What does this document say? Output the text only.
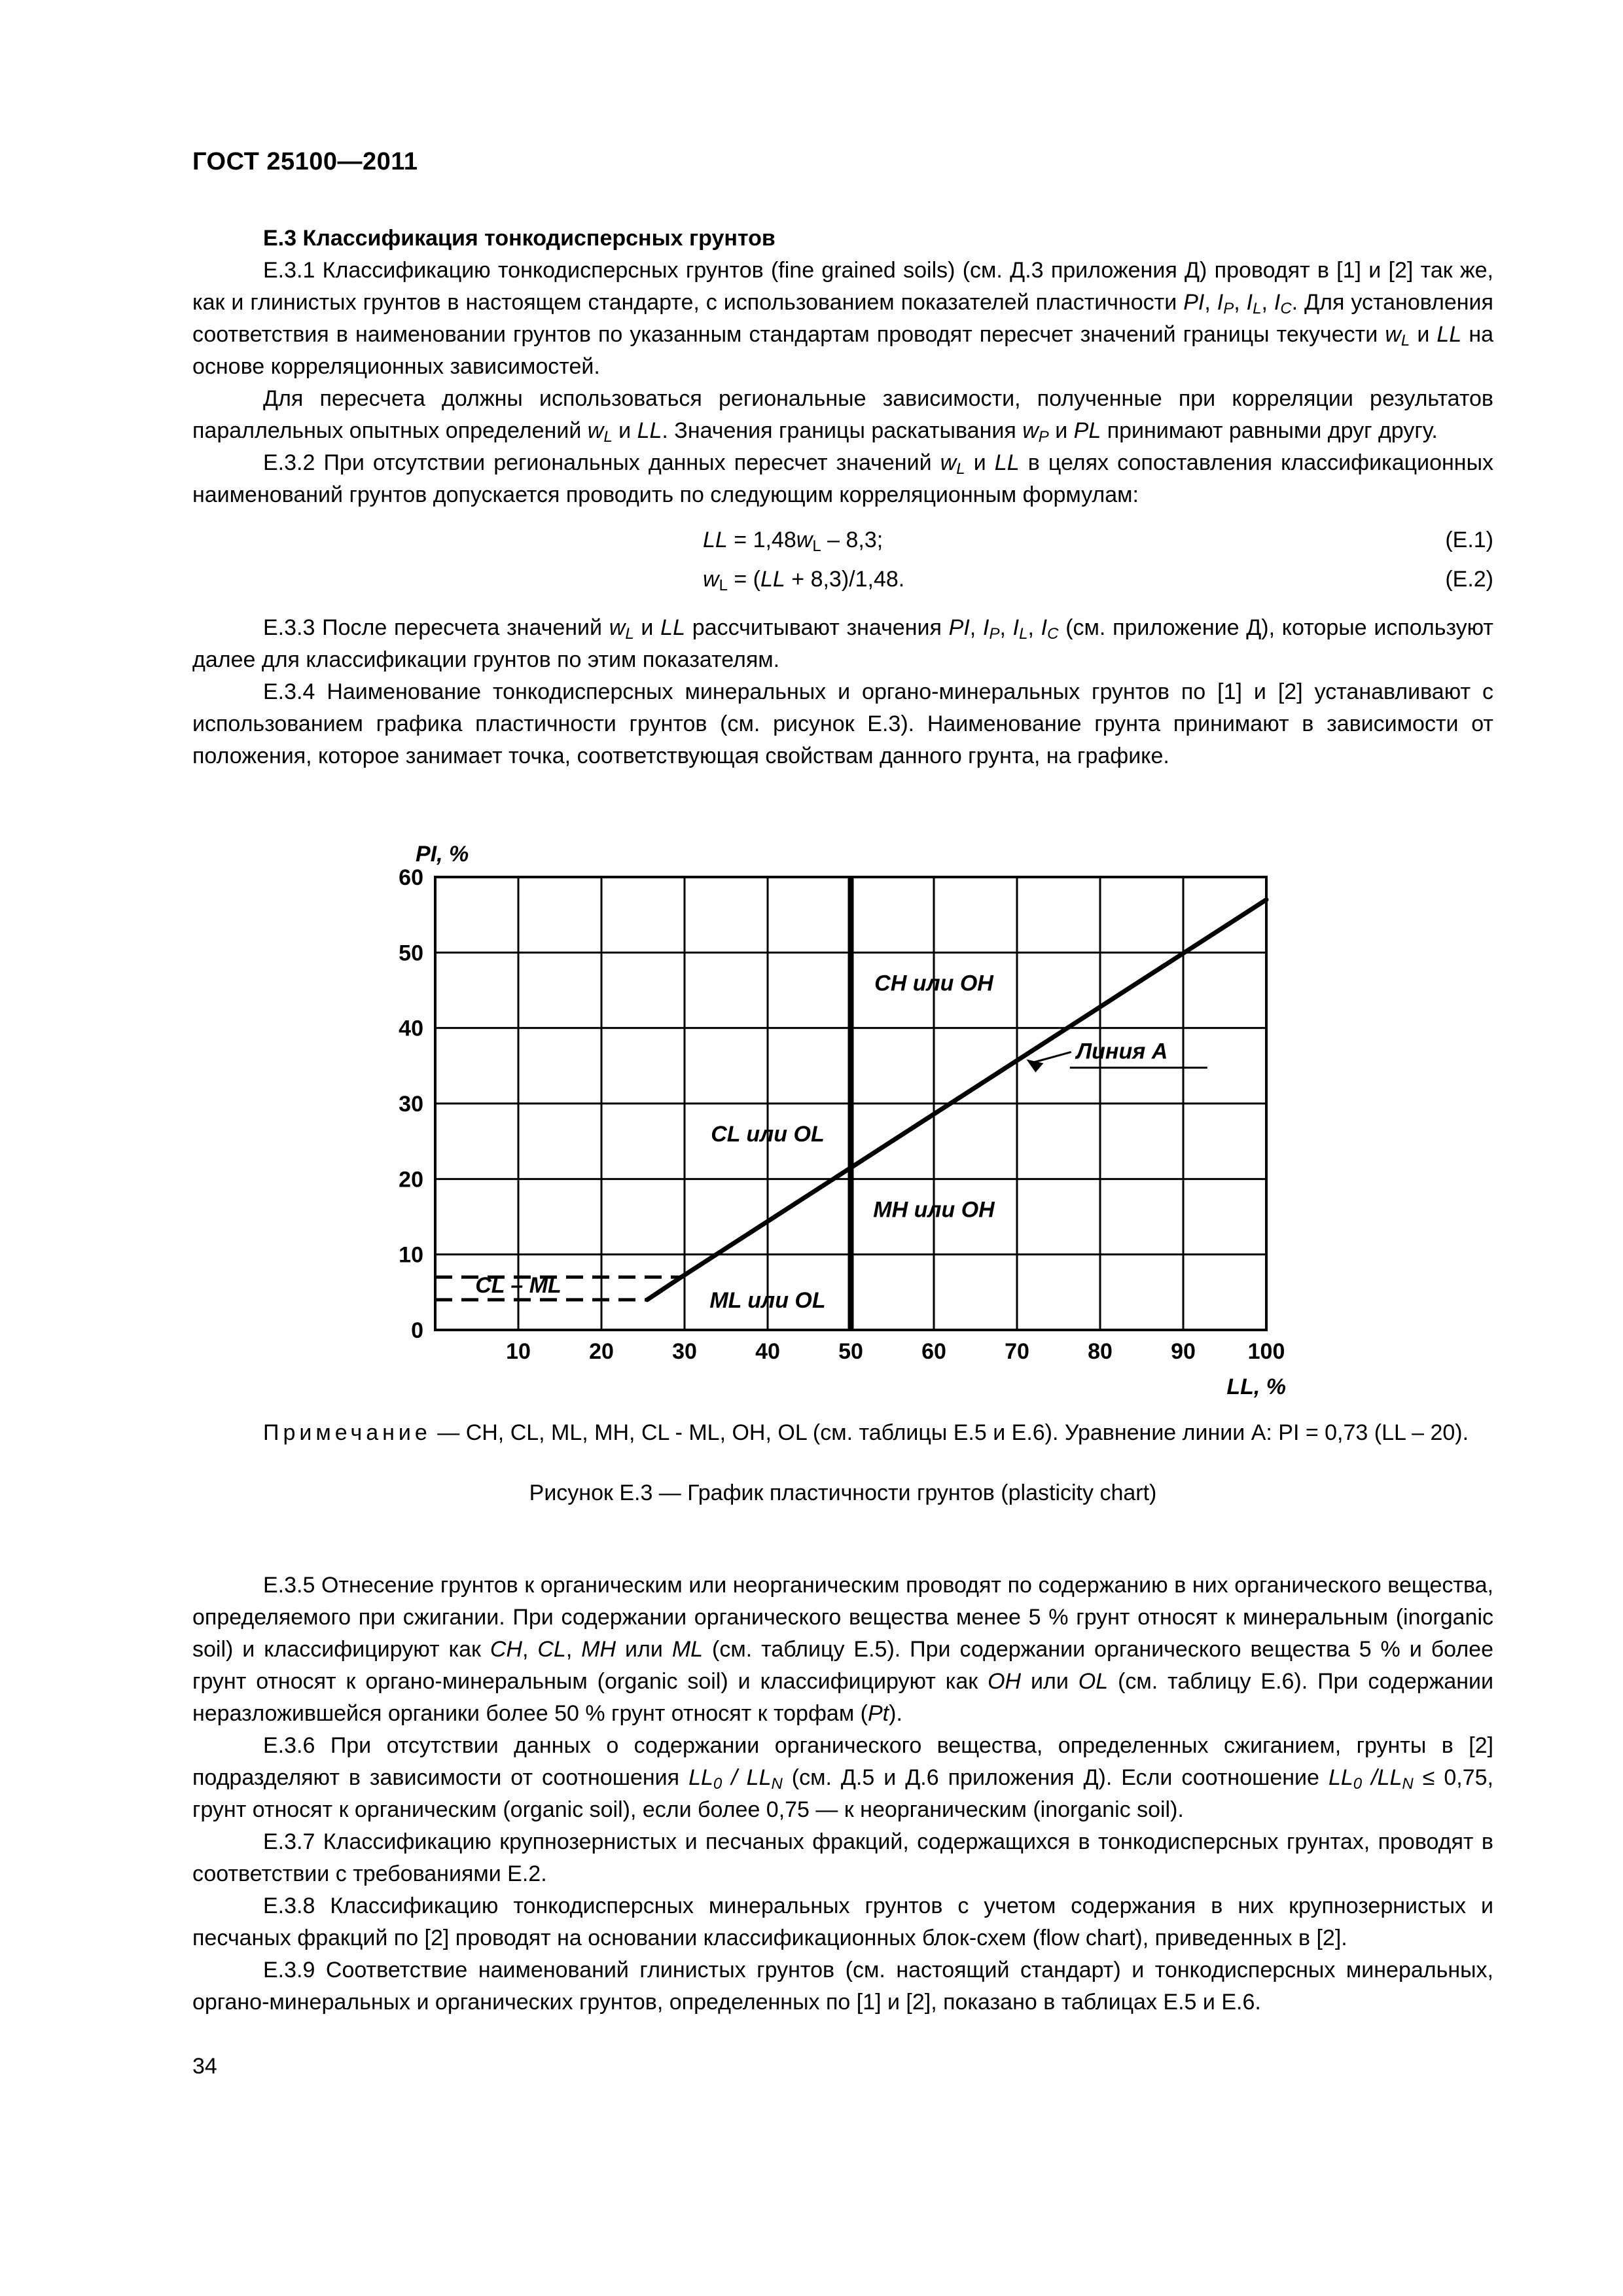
ГОСТ 25100—2011

Е.3 Классификация тонкодисперсных грунтов

Е.3.1 Классификацию тонкодисперсных грунтов (fine grained soils) (см. Д.3 приложения Д) проводят в [1] и [2] так же, как и глинистых грунтов в настоящем стандарте, с использованием показателей пластичности PI, $I_P$, $I_L$, $I_C$. Для установления соответствия в наименовании грунтов по указанным стандартам проводят пересчет значений границы текучести $w_L$ и LL на основе корреляционных зависимостей.

Для пересчета должны использоваться региональные зависимости, полученные при корреляции результатов параллельных опытных определений $w_L$ и LL. Значения границы раскатывания $w_P$ и PL принимают равными друг другу.

Е.3.2 При отсутствии региональных данных пересчет значений $w_L$ и LL в целях сопоставления классификационных наименований грунтов допускается проводить по следующим корреляционным формулам:

LL = $1,48w_L - 8,3$;	(Е.1)
$w_L = (LL + 8,3)/1,48$.	(Е.2)

Е.3.3 После пересчета значений $w_L$ и LL рассчитывают значения PI, $I_P$, $I_L$, $I_C$ (см. приложение Д), которые используют далее для классификации грунтов по этим показателям.

Е.3.4 Наименование тонкодисперсных минеральных и органо-минеральных грунтов по [1] и [2] устанавливают с использованием графика пластичности грунтов (см. рисунок Е.3). Наименование грунта принимают в зависимости от положения, которое занимает точка, соответствующая свойствам данного грунта, на графике.

0
10
20
30
40
50
60
10	20	30	40	50	60	70	80	90 100
LL, %
PI, %
CH или OH
CL или OL
MH или OH
ML или OL
CL – ML
Линия А

Примечание — CH, CL, ML, MH, CL - ML, OH, OL (см. таблицы Е.5 и Е.6). Уравнение линии А: PI = 0,73 (LL – 20).

Рисунок Е.3 — График пластичности грунтов (plasticity chart)

Е.3.5 Отнесение грунтов к органическим или неорганическим проводят по содержанию в них органического вещества, определяемого при сжигании. При содержании органического вещества менее 5 % грунт относят к минеральным (inorganic soil) и классифицируют как CH, CL, MH или ML (см. таблицу Е.5). При содержании органического вещества 5 % и более грунт относят к органо-минеральным (organic soil) и классифицируют как OH или OL (см. таблицу Е.6). При содержании неразложившейся органики более 50 % грунт относят к торфам (Pt).

Е.3.6 При отсутствии данных о содержании органического вещества, определенных сжиганием, грунты в [2] подразделяют в зависимости от соотношения $LL_0 / LL_N$ (см. Д.5 и Д.6 приложения Д). Если соотношение $LL_0$ $/LL_N \le 0,75$, грунт относят к органическим (organic soil), если более 0,75 — к неорганическим (inorganic soil).

Е.3.7 Классификацию крупнозернистых и песчаных фракций, содержащихся в тонкодисперсных грунтах, проводят в соответствии с требованиями Е.2.

Е.3.8 Классификацию тонкодисперсных минеральных грунтов с учетом содержания в них крупнозернистых и песчаных фракций по [2] проводят на основании классификационных блок-схем (flow chart), приведенных в [2].

Е.3.9 Соответствие наименований глинистых грунтов (см. настоящий стандарт) и тонкодисперсных минеральных, органо-минеральных и органических грунтов, определенных по [1] и [2], показано в таблицах Е.5 и Е.6.

34
